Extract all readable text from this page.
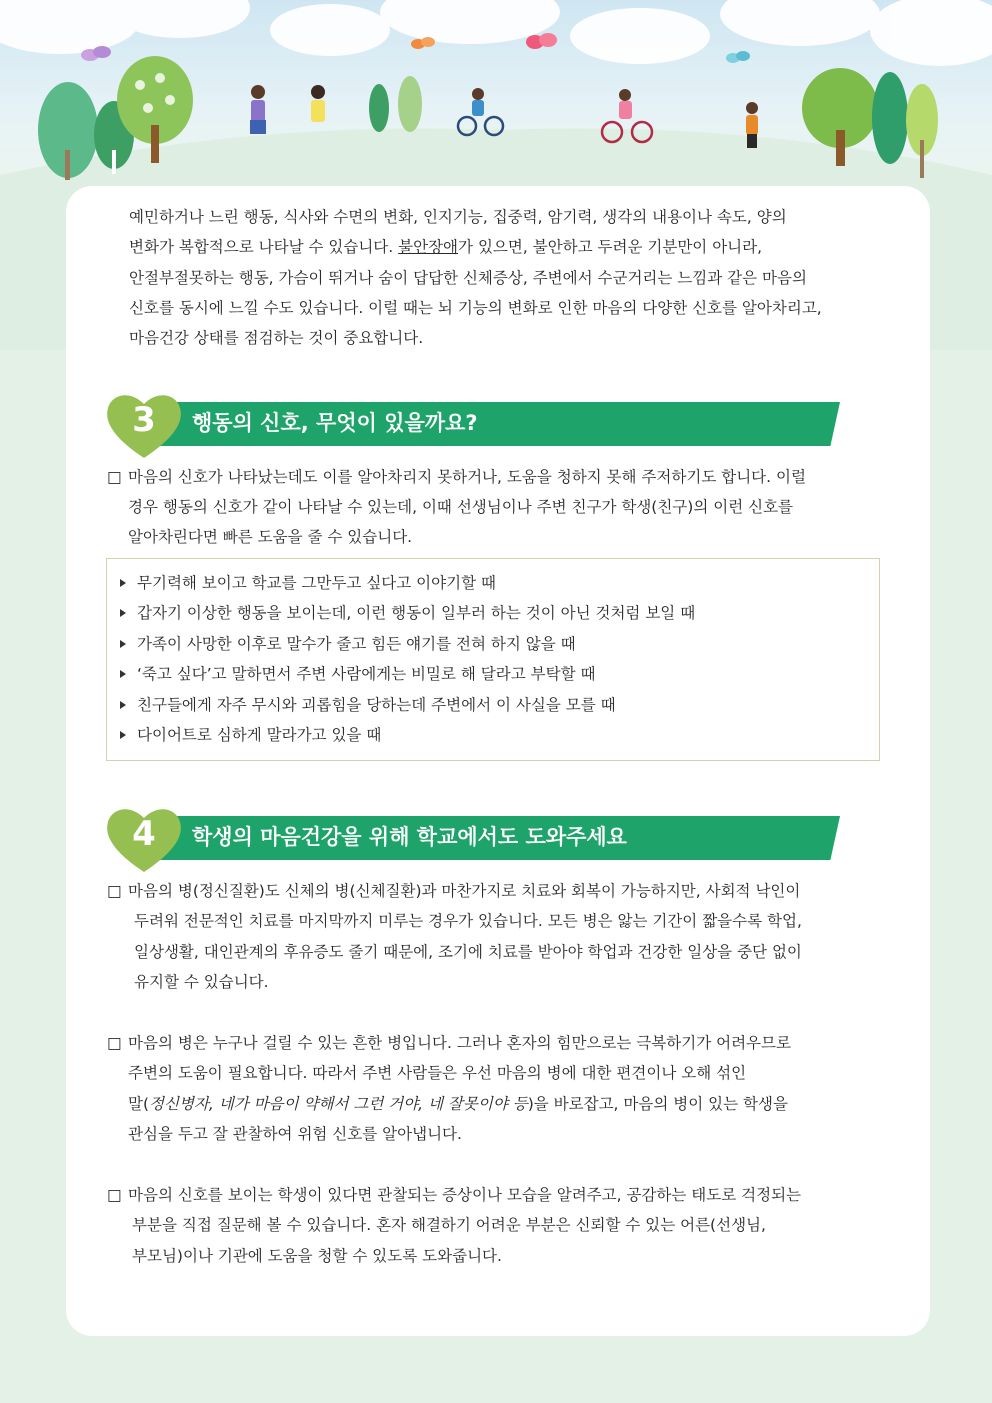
예민하거나 느린 행동, 식사와 수면의 변화, 인지기능, 집중력, 암기력, 생각의 내용이나 속도, 양의
변화가 복합적으로 나타날 수 있습니다. 불안장애가 있으면, 불안하고 두려운 기분만이 아니라,
안절부절못하는 행동, 가슴이 뛰거나 숨이 답답한 신체증상, 주변에서 수군거리는 느낌과 같은 마음의
신호를 동시에 느낄 수도 있습니다. 이럴 때는 뇌 기능의 변화로 인한 마음의 다양한 신호를 알아차리고,
마음건강 상태를 점검하는 것이 중요합니다.
3	행동의 신호, 무엇이 있을까요?
□ 마음의 신호가 나타났는데도 이를 알아차리지 못하거나, 도움을 청하지 못해 주저하기도 합니다. 이럴
경우 행동의 신호가 같이 나타날 수 있는데, 이때 선생님이나 주변 친구가 학생(친구)의 이런 신호를
알아차린다면 빠른 도움을 줄 수 있습니다.
무기력해 보이고 학교를 그만두고 싶다고 이야기할 때
갑자기 이상한 행동을 보이는데, 이런 행동이 일부러 하는 것이 아닌 것처럼 보일 때
가족이 사망한 이후로 말수가 줄고 힘든 얘기를 전혀 하지 않을 때
‘죽고 싶다’고 말하면서 주변 사람에게는 비밀로 해 달라고 부탁할 때
친구들에게 자주 무시와 괴롭힘을 당하는데 주변에서 이 사실을 모를 때
다이어트로 심하게 말라가고 있을 때
4	학생의 마음건강을 위해 학교에서도 도와주세요
□ 마음의 병(정신질환)도 신체의 병(신체질환)과 마찬가지로 치료와 회복이 가능하지만, 사회적 낙인이
두려워 전문적인 치료를 마지막까지 미루는 경우가 있습니다. 모든 병은 앓는 기간이 짧을수록 학업,
일상생활, 대인관계의 후유증도 줄기 때문에, 조기에 치료를 받아야 학업과 건강한 일상을 중단 없이
유지할 수 있습니다.
□ 마음의 병은 누구나 걸릴 수 있는 흔한 병입니다. 그러나 혼자의 힘만으로는 극복하기가 어려우므로
주변의 도움이 필요합니다. 따라서 주변 사람들은 우선 마음의 병에 대한 편견이나 오해 섞인
말(정신병자, 네가 마음이 약해서 그런 거야, 네 잘못이야 등)을 바로잡고, 마음의 병이 있는 학생을
관심을 두고 잘 관찰하여 위험 신호를 알아냅니다.
□ 마음의 신호를 보이는 학생이 있다면 관찰되는 증상이나 모습을 알려주고, 공감하는 태도로 걱정되는
부분을 직접 질문해 볼 수 있습니다. 혼자 해결하기 어려운 부분은 신뢰할 수 있는 어른(선생님,
부모님)이나 기관에 도움을 청할 수 있도록 도와줍니다.
